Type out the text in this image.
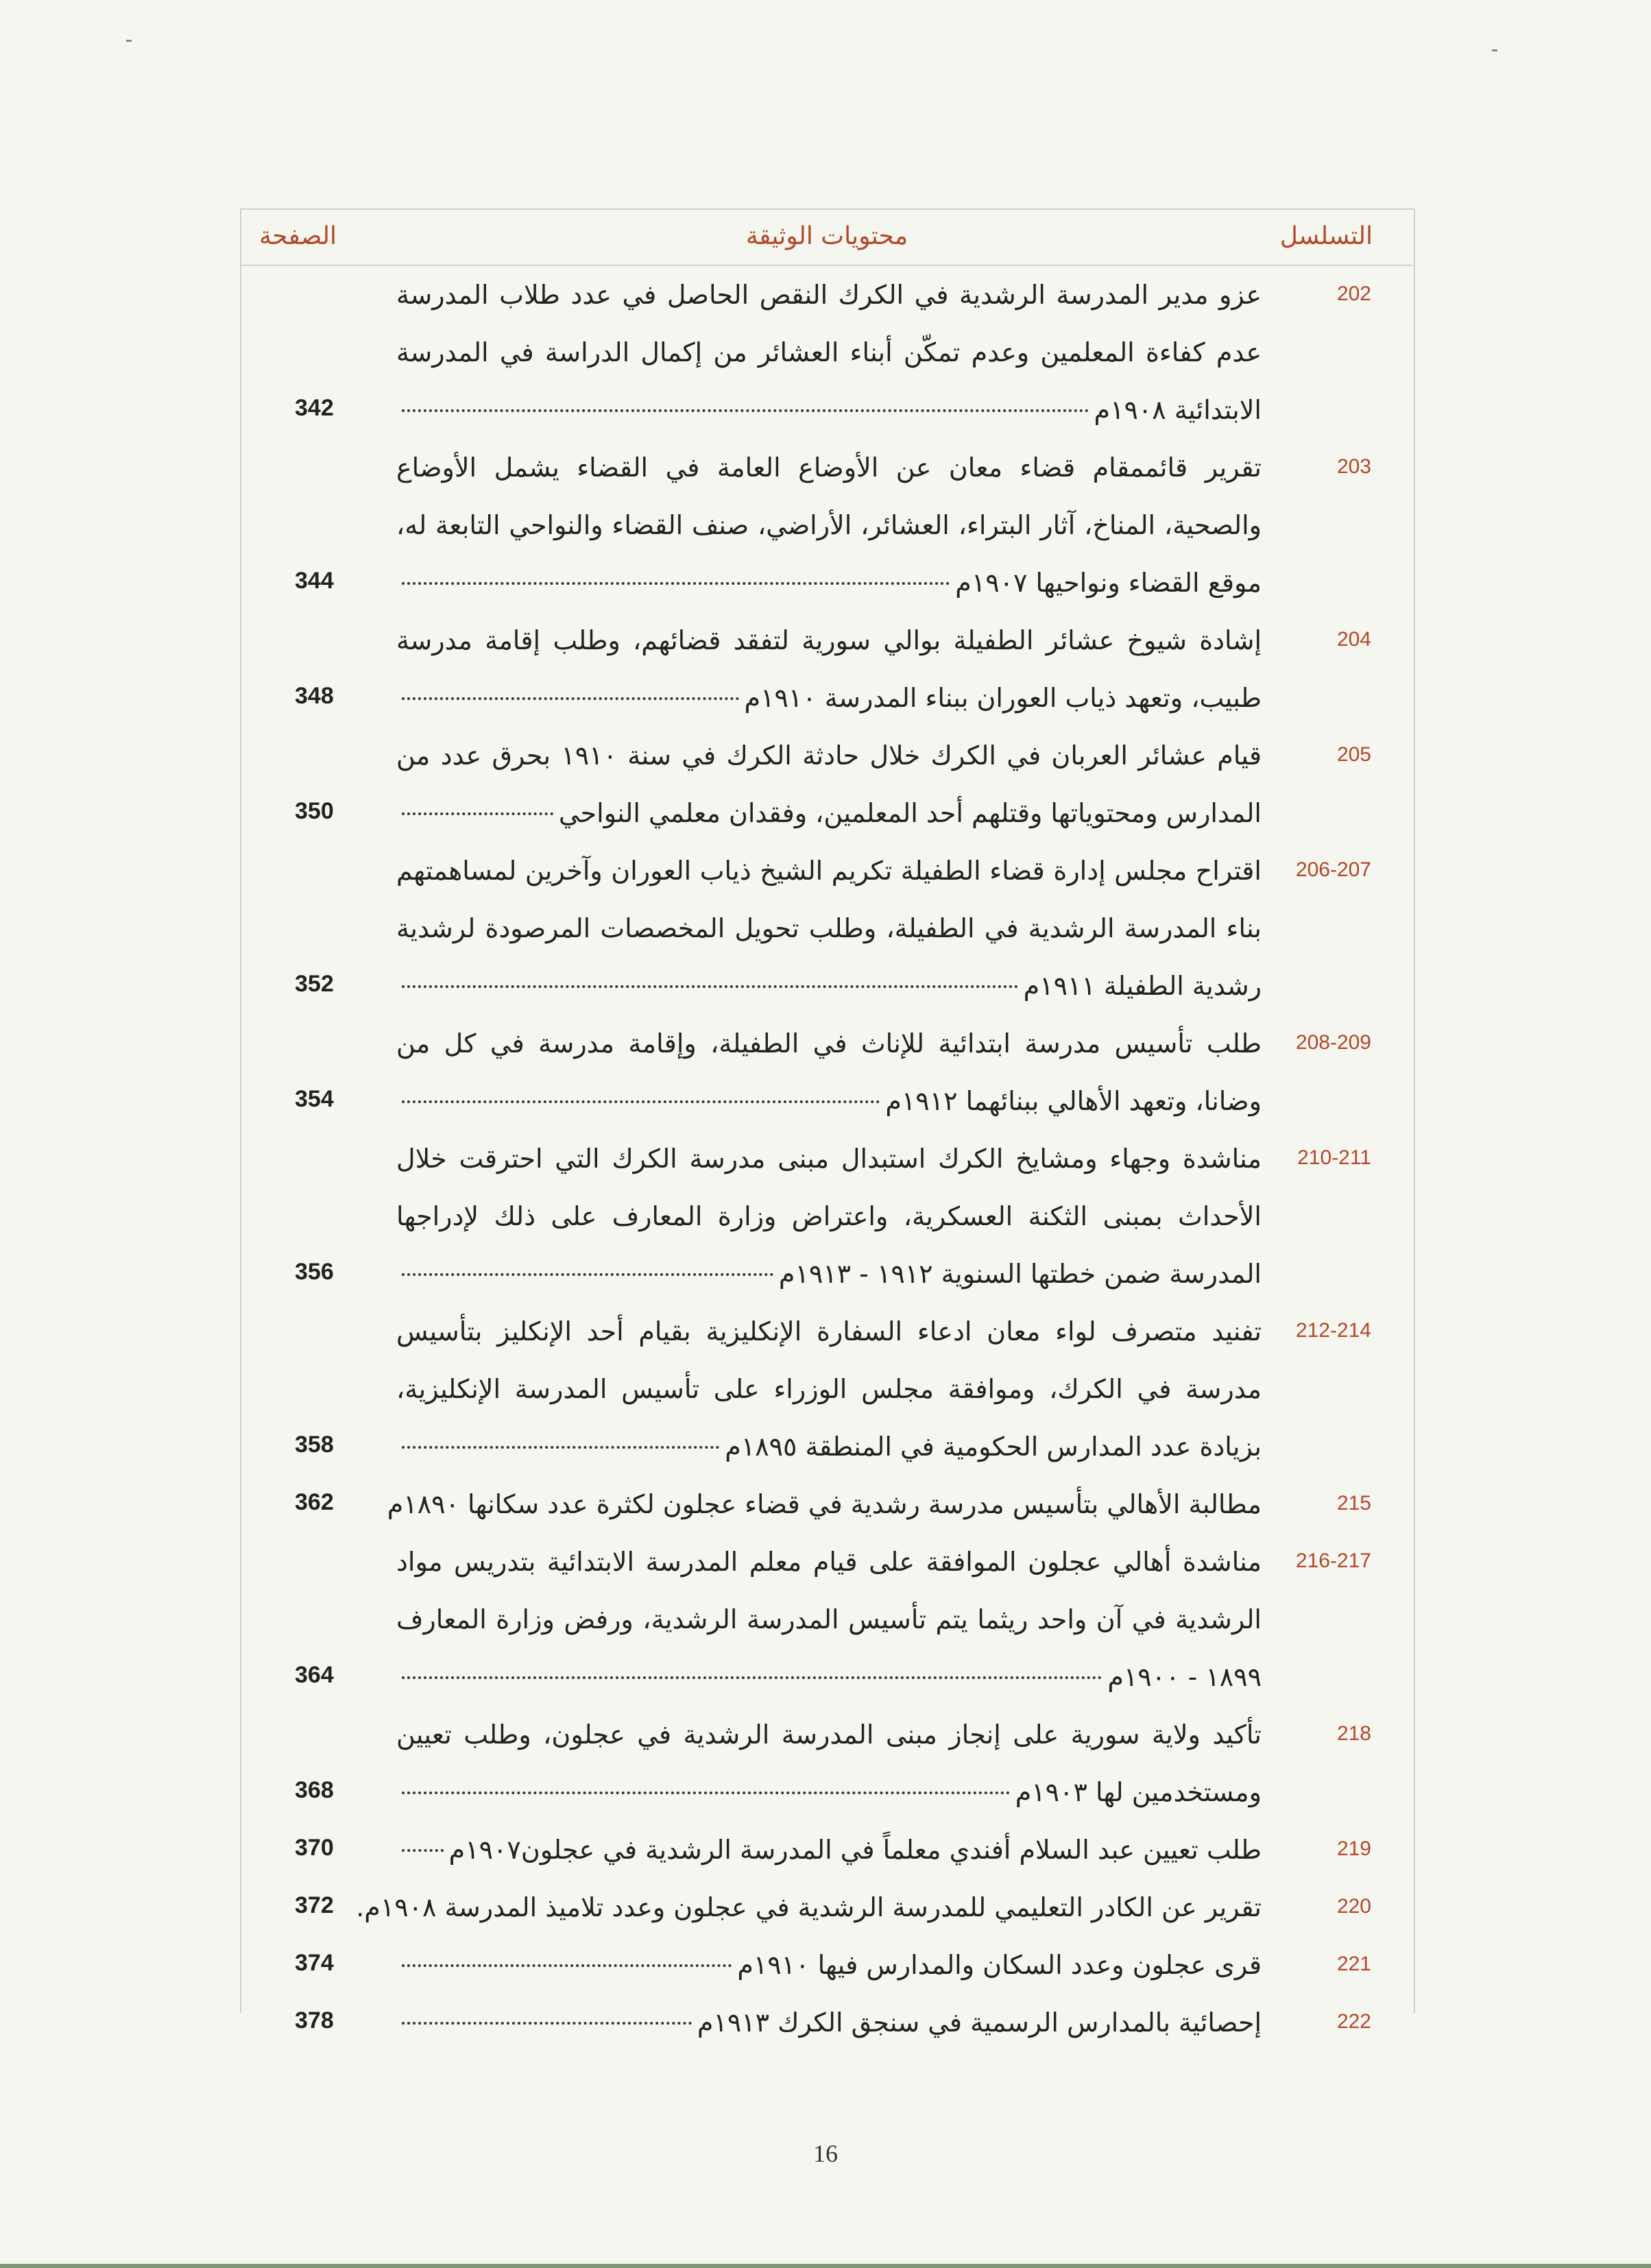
التسلسل
محتويات الوثيقة
الصفحة
202
عزو مدير المدرسة الرشدية في الكرك النقص الحاصل في عدد طلاب المدرسة
عدم كفاءة المعلمين وعدم تمكّن أبناء العشائر من إكمال الدراسة في المدرسة
الابتدائية ١٩٠٨م
342
203
تقرير قائممقام قضاء معان عن الأوضاع العامة في القضاء يشمل الأوضاع
والصحية، المناخ، آثار البتراء، العشائر، الأراضي، صنف القضاء والنواحي التابعة له،
موقع القضاء ونواحيها ١٩٠٧م
344
204
إشادة شيوخ عشائر الطفيلة بوالي سورية لتفقد قضائهم، وطلب إقامة مدرسة
طبيب، وتعهد ذياب العوران ببناء المدرسة ١٩١٠م
348
205
قيام عشائر العربان في الكرك خلال حادثة الكرك في سنة ١٩١٠ بحرق عدد من
المدارس ومحتوياتها وقتلهم أحد المعلمين، وفقدان معلمي النواحي
350
206-207
اقتراح مجلس إدارة قضاء الطفيلة تكريم الشيخ ذياب العوران وآخرين لمساهمتهم
بناء المدرسة الرشدية في الطفيلة، وطلب تحويل المخصصات المرصودة لرشدية
رشدية الطفيلة ١٩١١م
352
208-209
طلب تأسيس مدرسة ابتدائية للإناث في الطفيلة، وإقامة مدرسة في كل من
وضانا، وتعهد الأهالي ببنائهما ١٩١٢م
354
210-211
مناشدة وجهاء ومشايخ الكرك استبدال مبنى مدرسة الكرك التي احترقت خلال
الأحداث بمبنى الثكنة العسكرية، واعتراض وزارة المعارف على ذلك لإدراجها
المدرسة ضمن خطتها السنوية ١٩١٢ - ١٩١٣م
356
212-214
تفنيد متصرف لواء معان ادعاء السفارة الإنكليزية بقيام أحد الإنكليز بتأسيس
مدرسة في الكرك، وموافقة مجلس الوزراء على تأسيس المدرسة الإنكليزية،
بزيادة عدد المدارس الحكومية في المنطقة ١٨٩٥م
358
215
مطالبة الأهالي بتأسيس مدرسة رشدية في قضاء عجلون لكثرة عدد سكانها ١٨٩٠م
362
216-217
مناشدة أهالي عجلون الموافقة على قيام معلم المدرسة الابتدائية بتدريس مواد
الرشدية في آن واحد ريثما يتم تأسيس المدرسة الرشدية، ورفض وزارة المعارف
١٨٩٩ - ١٩٠٠م
364
218
تأكيد ولاية سورية على إنجاز مبنى المدرسة الرشدية في عجلون، وطلب تعيين
ومستخدمين لها ١٩٠٣م
368
219
طلب تعيين عبد السلام أفندي معلماً في المدرسة الرشدية في عجلون١٩٠٧م
370
220
تقرير عن الكادر التعليمي للمدرسة الرشدية في عجلون وعدد تلاميذ المدرسة ١٩٠٨م.
372
221
قرى عجلون وعدد السكان والمدارس فيها ١٩١٠م
374
222
إحصائية بالمدارس الرسمية في سنجق الكرك ١٩١٣م
378
16
